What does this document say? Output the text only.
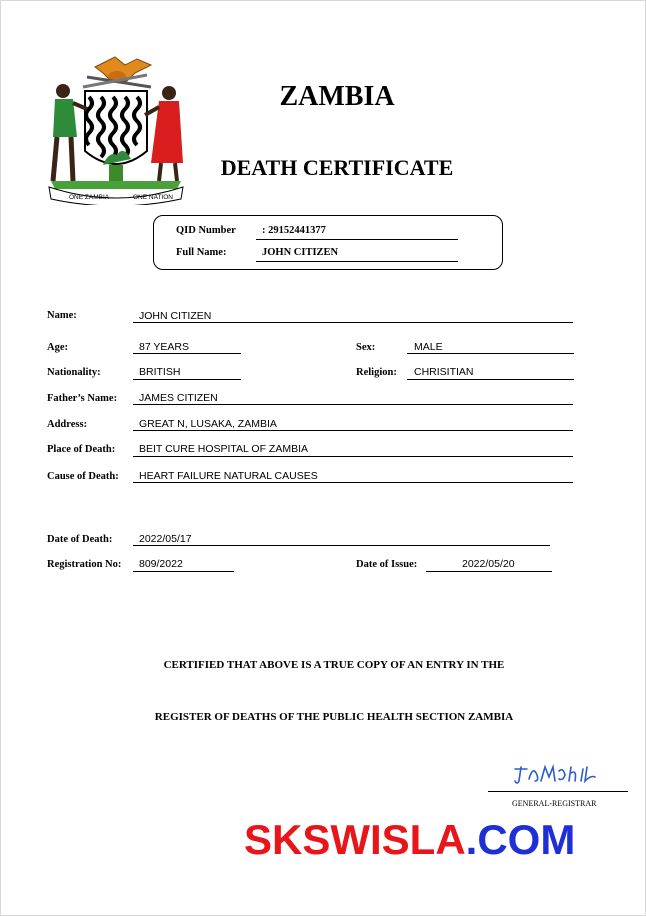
ONE ZAMBIA	ONE NATION
ZAMBIA
DEATH CERTIFICATE
QID Number : 29152441377
Full Name:	JOHN CITIZEN
Name:	JOHN CITIZEN
Age:	87 YEARS	Sex:	MALE
Nationality:	BRITISH	Religion: CHRISITIAN
Father’s Name: JAMES CITIZEN
Address:	GREAT N, LUSAKA, ZAMBIA
Place of Death: BEIT CURE HOSPITAL OF ZAMBIA
Cause of Death: HEART FAILURE NATURAL CAUSES
Date of Death:	2022/05/17
Registration No: 809/2022	Date of Issue:	2022/05/20
CERTIFIED THAT ABOVE IS A TRUE COPY OF AN ENTRY IN THE
REGISTER OF DEATHS OF THE PUBLIC HEALTH SECTION ZAMBIA
GENERAL-REGISTRAR
SKSWISLA.COM
